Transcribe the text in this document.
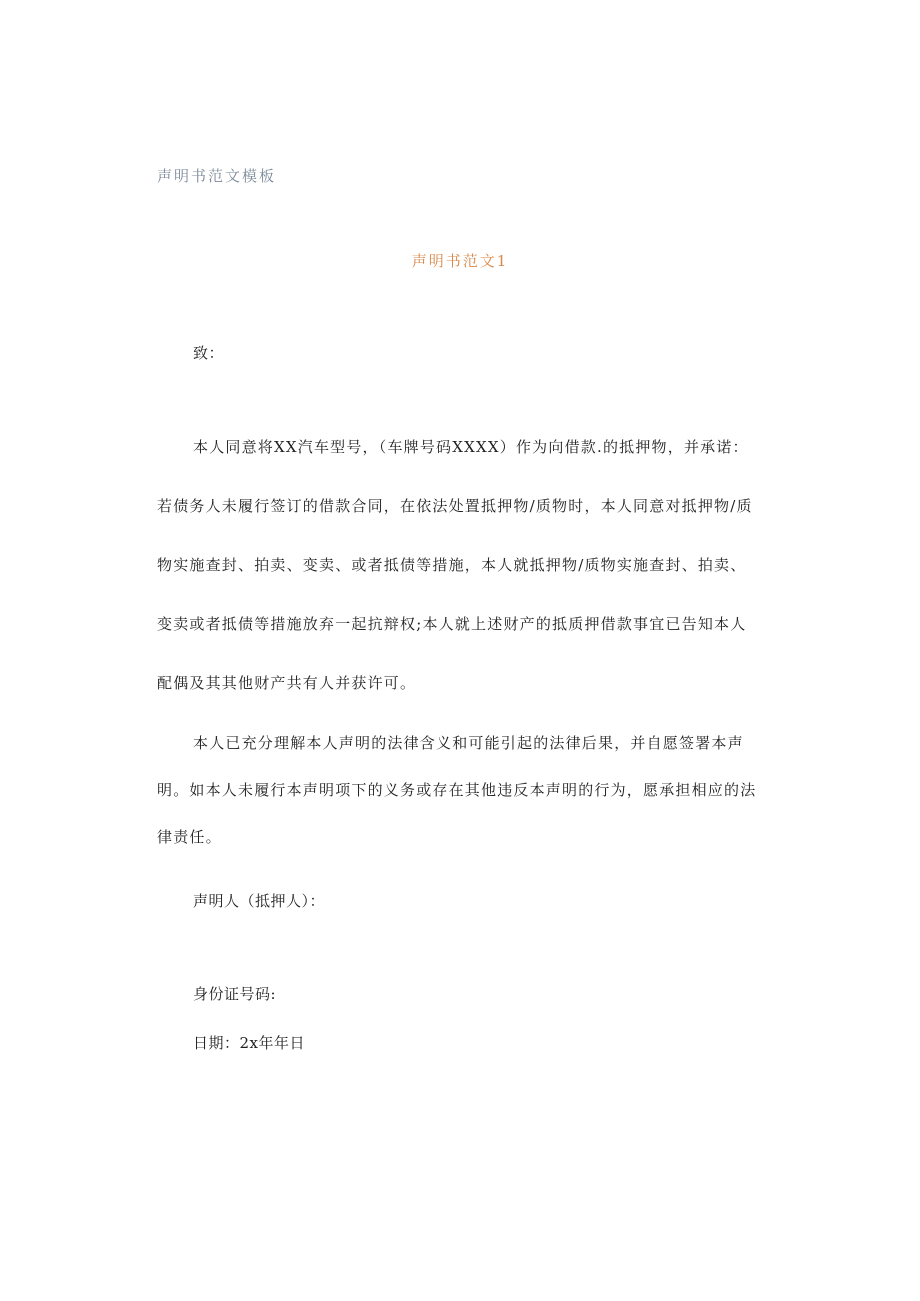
声明书范文模板
声明书范文1
致：
本人同意将XX汽车型号，（车牌号码XXXX）作为向借款.的抵押物，并承诺：若债务人未履行签订的借款合同，在依法处置抵押物/质物时，本人同意对抵押物/质物实施查封、拍卖、变卖、或者抵债等措施，本人就抵押物/质物实施查封、拍卖、变卖或者抵债等措施放弃一起抗辩权;本人就上述财产的抵质押借款事宜已告知本人配偶及其其他财产共有人并获许可。
本人已充分理解本人声明的法律含义和可能引起的法律后果，并自愿签署本声明。如本人未履行本声明项下的义务或存在其他违反本声明的行为，愿承担相应的法律责任。
声明人（抵押人）：
身份证号码:
日期：2x年年日
